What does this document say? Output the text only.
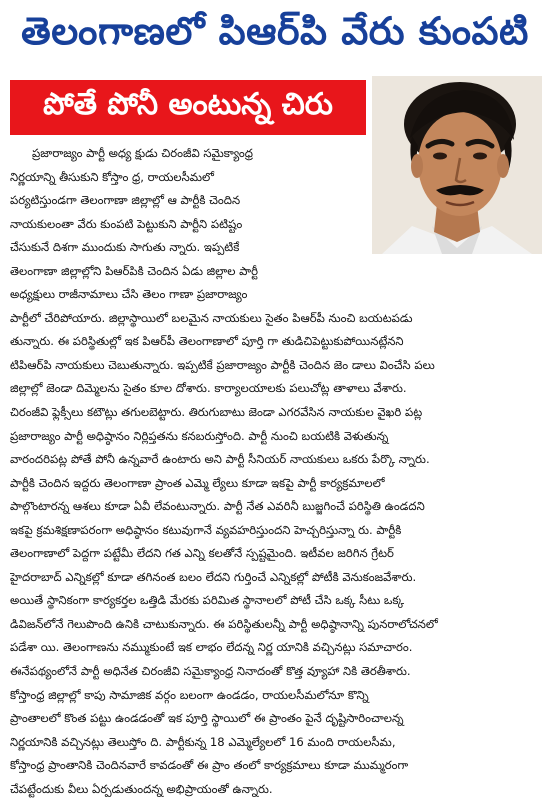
తెలంగాణలో పిఆర్‌పి వేరు కుంపటి
పోతే పోనీ అంటున్న చిరు
ప్రజారాజ్యం పార్టీ అధ్య క్షుడు చిరంజీవి సమైక్యాంధ్ర
నిర్ణయాన్ని తీసుకుని కోస్తాం ధ్ర, రాయలసీమలో
పర్యటిస్తుండగా తెలంగాణా జిల్లాల్లో ఆ పార్టీకి చెందిన
నాయకులంతా వేరు కుంపటి పెట్టుకుని పార్టీని పటిష్టం
చేసుకునే దిశగా ముందుకు సాగుతు న్నారు. ఇప్పటికే
తెలంగాణా జిల్లాల్లోని పిఆర్‌పికి చెందిన ఏడు జిల్లాల పార్టీ
అధ్యక్షులు రాజీనామాలు చేసి తెలం గాణా ప్రజారాజ్యం
పార్టీలో చేరిపోయారు. జిల్లాస్థాయిలో బలమైన నాయకులు సైతం పిఆర్‌పీ నుంచి బయటపడు
తున్నారు. ఈ పరిస్థితుల్లో ఇక పిఆర్‌పీ తెలంగాణాలో పూర్తి గా తుడిచిపెట్టుకుపోయినట్లేనని
టిపిఆర్‌పి నాయకులు చెబుతున్నారు. ఇప్పటికే ప్రజారాజ్యం పార్టీకి చెందిన జెం డాలు వించేసి పలు
జిల్లాల్లో జెండా దిమ్మెలను సైతం కూల దోశారు. కార్యాలయాలకు పలుచోట్ల తాళాలు వేశారు.
చిరంజీవి ఫ్లెక్సీలు కటౌట్లు తగులబెట్టారు. తిరుగుబాటు జెండా ఎగరవేసిన నాయకుల వైఖరి పట్ల
ప్రజారాజ్యం పార్టీ అధిష్ఠానం నిర్లిప్తతను కనబరుస్తోంది. పార్టీ నుంచి బయటికి వెళుతున్న
వారందరిపట్ల పోతే పోనీ ఉన్నవారే ఉంటారు అని పార్టీ సీనియర్ నాయకులు ఒకరు పేర్కొ న్నారు.
పార్టీకి చెందిన ఇద్దరు తెలంగాణా ప్రాంత ఎమ్మె ల్యేలు కూడా ఇకపై పార్టీ కార్యక్రమాలలో
పాల్గొంటారన్న ఆశలు కూడా ఏవీ లేవంటున్నారు. పార్టీ నేత ఎవరినీ బుజ్జగించే పరిస్థితి ఉండదని
ఇకపై క్రమశిక్షణాపరంగా అధిష్ఠానం కటువుగానే వ్యవహరిస్తుందని హెచ్చరిస్తున్నా రు. పార్టీకి
తెలంగాణాలో పెద్దగా పట్టేమీ లేదని గత ఎన్ని కలతోనే స్పష్టమైంది. ఇటీవల జరిగిన గ్రేటర్
హైదరాబాద్ ఎన్నికల్లో కూడా తగినంత బలం లేదని గుర్తించే ఎన్నికల్లో పోటీకి వెనుకంజవేశారు.
అయితే స్థానికంగా కార్యకర్తల ఒత్తిడి మేరకు పరిమిత స్థానాలలో పోటీ చేసి ఒక్క సీటు ఒక్క
డివిజన్‌లోనే గెలుపొంది ఉనికి చాటుకున్నారు. ఈ పరిస్థితులన్నీ పార్టీ అధిష్ఠానాన్ని పునరాలోచనలో
పడేశా యి. తెలంగాణను నమ్ముకుంటే ఇక లాభం లేదన్న నిర్ణ యానికి వచ్చినట్లు సమాచారం.
ఈనేపథ్యంలోనే పార్టీ అధినేత చిరంజీవి సమైక్యాంధ్ర నినాదంతో కొత్త వ్యూహా నికి తెరతీశారు.
కోస్తాంధ్ర జిల్లాల్లో కాపు సామాజిక వర్గం బలంగా ఉండడం, రాయలసీమలోనూ కొన్ని
ప్రాంతాలలో కొంత పట్టు ఉండడంతో ఇక పూర్తి స్థాయిలో ఈ ప్రాంతం పైనే దృష్టిసారించాలన్న
నిర్ణయానికి వచ్చినట్లు తెలుస్తోం ది. పార్టీకున్న 18 ఎమ్మెల్యేలలో 16 మంది రాయలసీమ,
కోస్తాంధ్ర ప్రాంతానికి చెందినవారే కావడంతో ఈ ప్రాం తంలో కార్యక్రమాలు కూడా ముమ్మరంగా
చేపట్టేందుకు వీలు ఏర్పడుతుందన్న అభిప్రాయంతో ఉన్నారు.
